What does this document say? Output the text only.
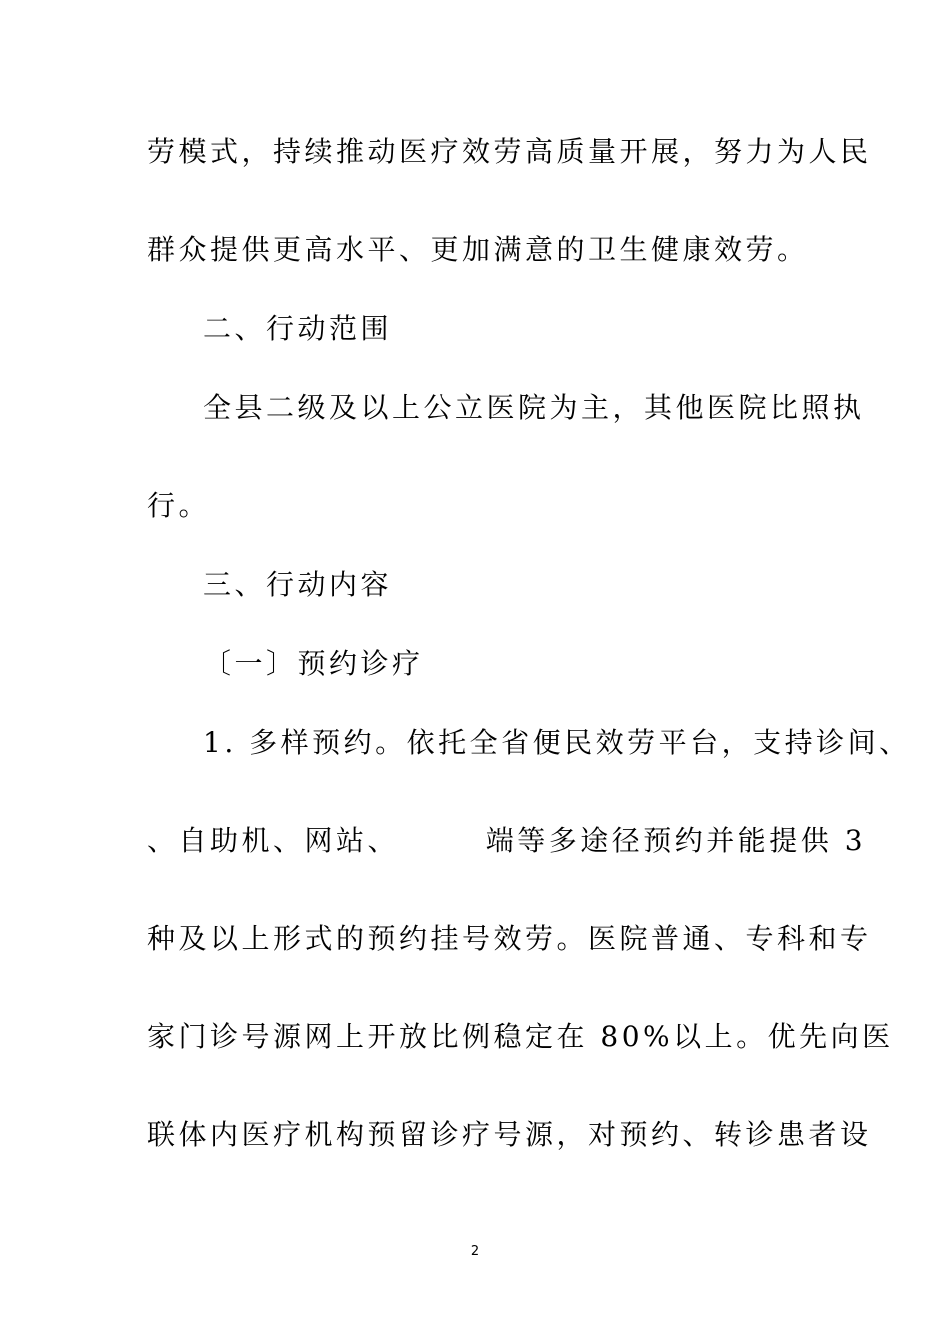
劳模式，持续推动医疗效劳高质量开展，努力为人民
群众提供更高水平、更加满意的卫生健康效劳。
二、行动范围
全县二级及以上公立医院为主，其他医院比照执
行。
三、行动内容
〔一〕预约诊疗
1. 多样预约。依托全省便民效劳平台，支持诊间、
、自助机、网站、       端等多途径预约并能提供 3
种及以上形式的预约挂号效劳。医院普通、专科和专
家门诊号源网上开放比例稳定在 80%以上。优先向医
联体内医疗机构预留诊疗号源，对预约、转诊患者设
2
